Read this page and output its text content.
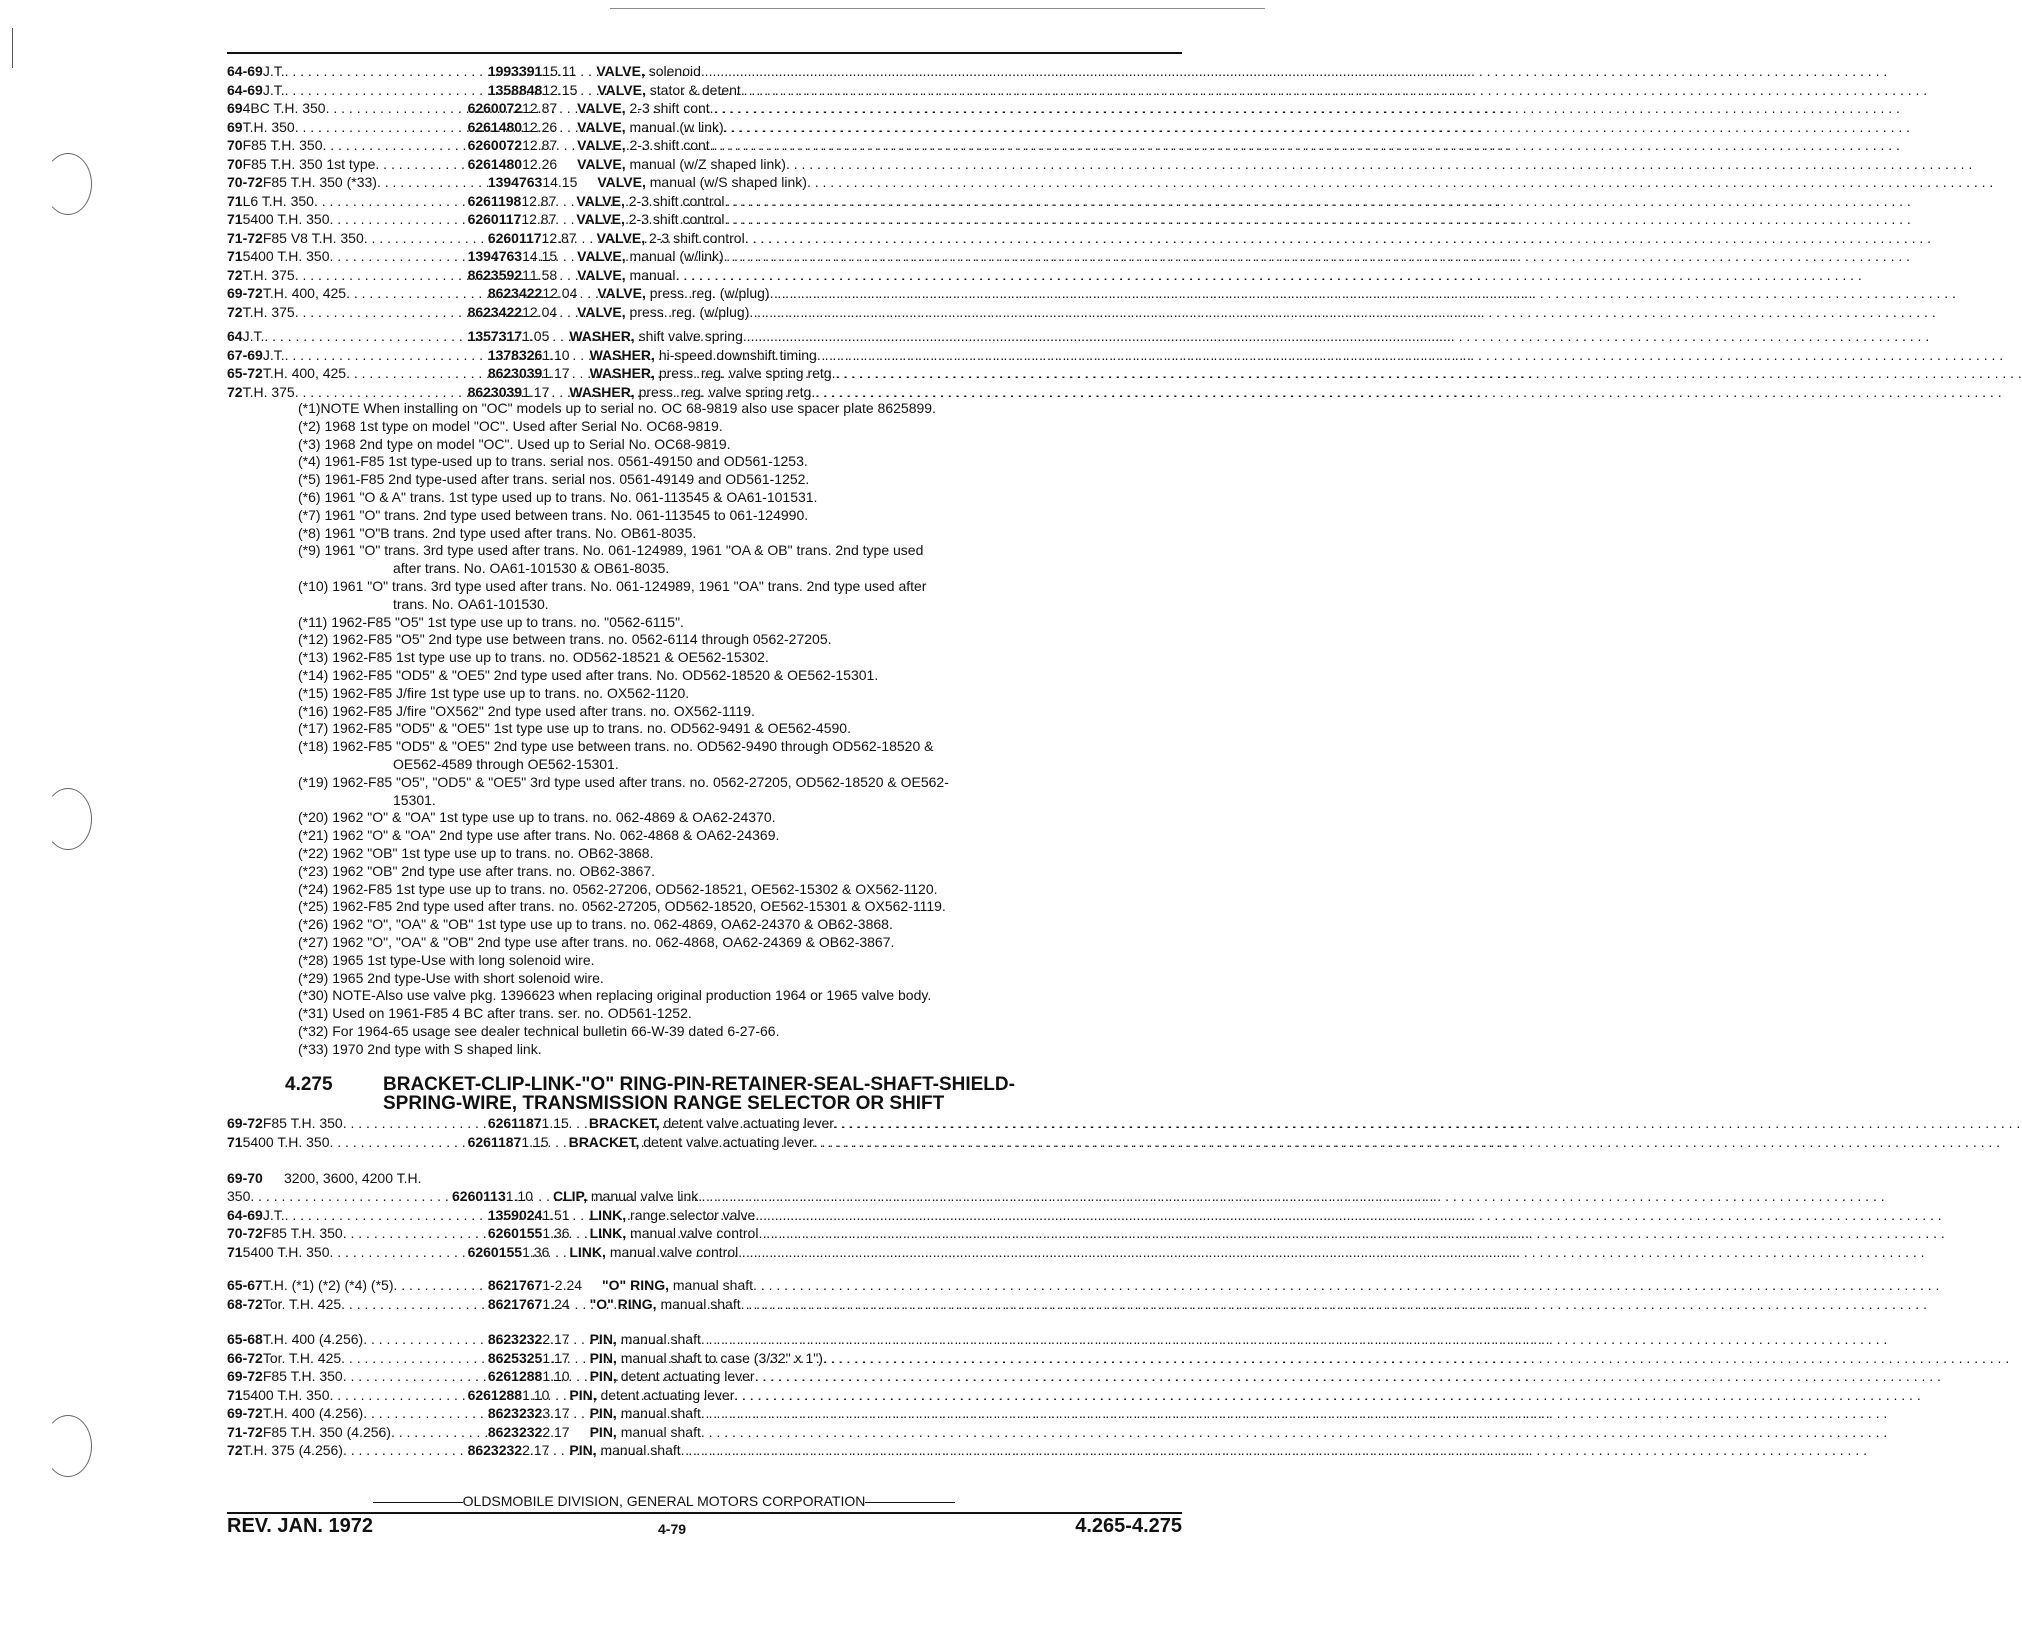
64-69 J.T. . . .	1993391 1 5.11	VALVE, solenoid
. . .
64-69 J.T. . . .	1358848 1 2.15	VALVE, stator & detent
. . .
69 4BC T.H. 350 . . .	6260072 1 2.87	VALVE, 2-3 shift cont.
. . .
69 T.H. 350 . . .	6261480 1 2.26	VALVE, manual (w link)
. . .
70 F85 T.H. 350 . . .	6260072 1 2.87	VALVE, 2-3 shift cont.
. . .
70 F85 T.H. 350 1st type . . .	6261480 1 2.26	VALVE, manual (w/Z shaped link)
. . .
70-72 F85 T.H. 350 (*33) . . .	1394763 1 4.15	VALVE, manual (w/S shaped link)
. . .
71 L6 T.H. 350 . . .	6261198 1 2.87	VALVE, 2-3 shift control
. . .
71 5400 T.H. 350 . . .	6260117 1 2.87	VALVE, 2-3 shift control
. . .
71-72 F85 V8 T.H. 350 . . .	6260117 1 2.87	VALVE, 2-3 shift control
. . .
71 5400 T.H. 350 . . .	1394763 1 4.15	VALVE, manual (w/link)
. . .
72 T.H. 375 . . .	8623592 1 1.58	VALVE, manual
. . .
69-72 T.H. 400, 425 . . .	8623422 1 2.04	VALVE, press. reg. (w/plug)
. . .
72 T.H. 375 . . .	8623422 1 2.04	VALVE, press. reg. (w/plug)
. . .
64 J.T. . . .	1357317 1 .05	WASHER, shift valve spring
. . .
67-69 J.T. . . .	1378326 1 .10	WASHER, hi-speed downshift timing
. . .
65-72 T.H. 400, 425 . . .	8623039 1 .17	WASHER, press. reg. valve spring retg.
. . .
72 T.H. 375 . . .	8623039 1 .17	WASHER, press. reg. valve spring retg.
. . .
(*1)NOTE When installing on "OC" models up to serial no. OC 68-9819 also use spacer plate 8625899.
(*2) 1968 1st type on model "OC". Used after Serial No. OC68-9819.
(*3) 1968 2nd type on model "OC". Used up to Serial No. OC68-9819.
(*4) 1961-F85 1st type-used up to trans. serial nos. 0561-49150 and OD561-1253.
(*5) 1961-F85 2nd type-used after trans. serial nos. 0561-49149 and OD561-1252.
(*6) 1961 "O & A" trans. 1st type used up to trans. No. 061-113545 & OA61-101531.
(*7) 1961 "O" trans. 2nd type used between trans. No. 061-113545 to 061-124990.
(*8) 1961 "O"B trans. 2nd type used after trans. No. OB61-8035.
(*9) 1961 "O" trans. 3rd type used after trans. No. 061-124989, 1961 "OA & OB" trans. 2nd type used
after trans. No. OA61-101530 & OB61-8035.
(*10) 1961 "O" trans. 3rd type used after trans. No. 061-124989, 1961 "OA" trans. 2nd type used after
trans. No. OA61-101530.
(*11) 1962-F85 "O5" 1st type use up to trans. no. "0562-6115".
(*12) 1962-F85 "O5" 2nd type use between trans. no. 0562-6114 through 0562-27205.
(*13) 1962-F85 1st type use up to trans. no. OD562-18521 & OE562-15302.
(*14) 1962-F85 "OD5" & "OE5" 2nd type used after trans. No. OD562-18520 & OE562-15301.
(*15) 1962-F85 J/fire 1st type use up to trans. no. OX562-1120.
(*16) 1962-F85 J/fire "OX562" 2nd type used after trans. no. OX562-1119.
(*17) 1962-F85 "OD5" & "OE5" 1st type use up to trans. no. OD562-9491 & OE562-4590.
(*18) 1962-F85 "OD5" & "OE5" 2nd type use between trans. no. OD562-9490 through OD562-18520 &
OE562-4589 through OE562-15301.
(*19) 1962-F85 "O5", "OD5" & "OE5" 3rd type used after trans. no. 0562-27205, OD562-18520 & OE562-
15301.
(*20) 1962 "O" & "OA" 1st type use up to trans. no. 062-4869 & OA62-24370.
(*21) 1962 "O" & "OA" 2nd type use after trans. No. 062-4868 & OA62-24369.
(*22) 1962 "OB" 1st type use up to trans. no. OB62-3868.
(*23) 1962 "OB" 2nd type use after trans. no. OB62-3867.
(*24) 1962-F85 1st type use up to trans. no. 0562-27206, OD562-18521, OE562-15302 & OX562-1120.
(*25) 1962-F85 2nd type used after trans. no. 0562-27205, OD562-18520, OE562-15301 & OX562-1119.
(*26) 1962 "O", "OA" & "OB" 1st type use up to trans. no. 062-4869, OA62-24370 & OB62-3868.
(*27) 1962 "O", "OA" & "OB" 2nd type use after trans. no. 062-4868, OA62-24369 & OB62-3867.
(*28) 1965 1st type-Use with long solenoid wire.
(*29) 1965 2nd type-Use with short solenoid wire.
(*30) NOTE-Also use valve pkg. 1396623 when replacing original production 1964 or 1965 valve body.
(*31) Used on 1961-F85 4 BC after trans. ser. no. OD561-1252.
(*32) For 1964-65 usage see dealer technical bulletin 66-W-39 dated 6-27-66.
(*33) 1970 2nd type with S shaped link.
4.275	BRACKET-CLIP-LINK-"O" RING-PIN-RETAINER-SEAL-SHAFT-SHIELD-
SPRING-WIRE, TRANSMISSION RANGE SELECTOR OR SHIFT
69-72 F85 T.H. 350 . . .	6261187 1 .15	BRACKET, detent valve actuating lever
. . .
71 5400 T.H. 350 . . .	6261187 1 .15	BRACKET, detent valve actuating lever
. . .
69-70	3200, 3600, 4200 T.H.
350 . . .	6260113 1 .10	CLIP, manual valve link
. . .
64-69 J.T. . . .	1359024 1 .51	LINK, range selector valve
. . .
70-72 F85 T.H. 350 . . .	6260155 1 .36	LINK, manual valve control
. . .
71 5400 T.H. 350 . . .	6260155 1 .36	LINK, manual valve control
. . .
65-67 T.H. (*1) (*2) (*4) (*5) . . .	8621767 1-2 .24	"O" RING, manual shaft
. . .
68-72 Tor. T.H. 425 . . .	8621767 1 .24	"O" RING, manual shaft
. . .
65-68 T.H. 400 (4.256) . . .	8623232 2 .17	PIN, manual shaft
. . .
66-72 Tor. T.H. 425 . . .	8625325 1 .17	PIN, manual shaft to case (3/32" x 1")
. . .
69-72 F85 T.H. 350 . . .	6261288 1 .10	PIN, detent actuating lever
. . .
71 5400 T.H. 350 . . .	6261288 1 .10	PIN, detent actuating lever
. . .
69-72 T.H. 400 (4.256) . . .	8623232 3 .17	PIN, manual shaft
. . .
71-72 F85 T.H. 350 (4.256) . . .	8623232 2 .17	PIN, manual shaft
. . .
72 T.H. 375 (4.256) . . .	8623232 2 .17	PIN, manual shaft
. . .
OLDSMOBILE DIVISION, GENERAL MOTORS CORPORATION
REV. JAN. 1972	4-79	4.265-4.275
